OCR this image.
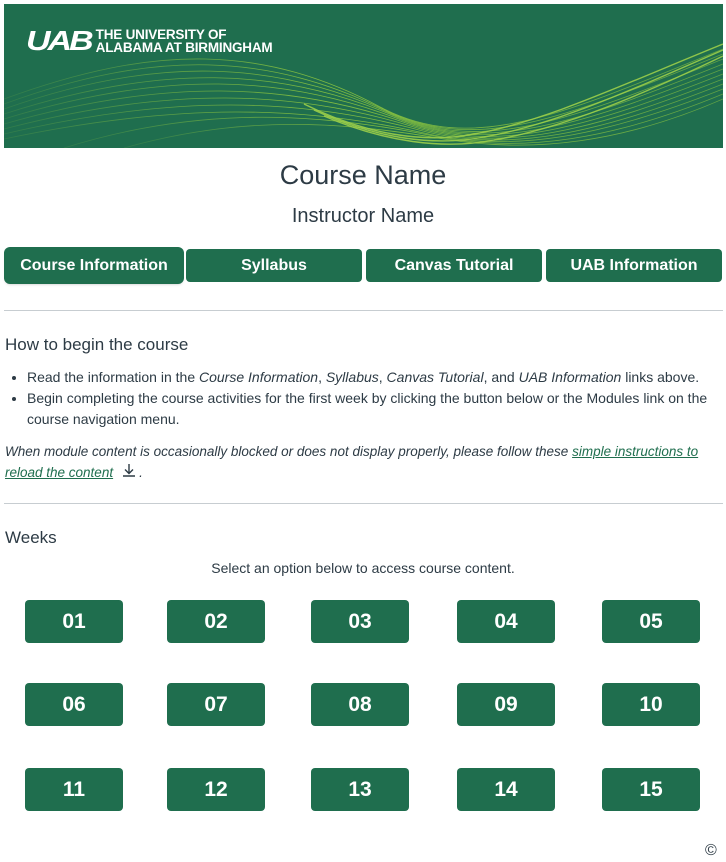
UAB THE UNIVERSITY OF
ALABAMA AT BIRMINGHAM
Course Name
Instructor Name
Course Information	Syllabus	Canvas Tutorial	UAB Information
How to begin the course
• Read the information in the Course Information, Syllabus, Canvas Tutorial, and UAB Information links above.
• Begin completing the course activities for the first week by clicking the button below or the Modules link on the course navigation menu.
When module content is occasionally blocked or does not display properly, please follow these simple instructions to reload the content .
Weeks
Select an option below to access course content.
01	02	03	04	05
06	07	08	09	10
11	12	13	14	15
©
